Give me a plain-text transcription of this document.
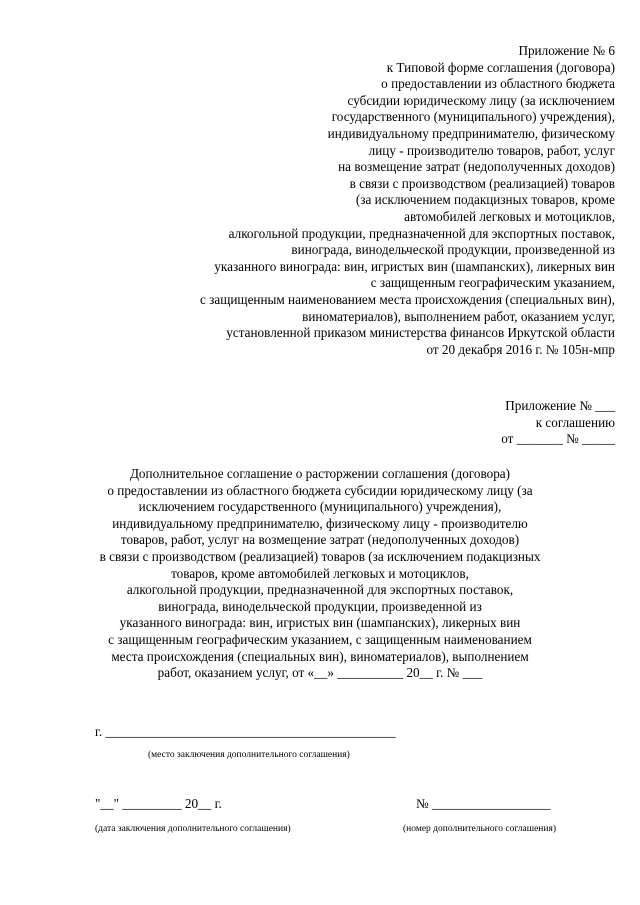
Приложение № 6
к Типовой форме соглашения (договора)
о предоставлении из областного бюджета
субсидии юридическому лицу (за исключением
государственного (муниципального) учреждения),
индивидуальному предпринимателю, физическому
лицу - производителю товаров, работ, услуг
на возмещение затрат (недополученных доходов)
в связи с производством (реализацией) товаров
(за исключением подакцизных товаров, кроме
автомобилей легковых и мотоциклов,
алкогольной продукции, предназначенной для экспортных поставок,
винограда, винодельческой продукции, произведенной из
указанного винограда: вин, игристых вин (шампанских), ликерных вин
с защищенным географическим указанием,
с защищенным наименованием места происхождения (специальных вин),
виноматериалов), выполнением работ, оказанием услуг,
установленной приказом министерства финансов Иркутской области
от 20 декабря 2016 г. № 105н-мпр
Приложение № ___
к соглашению
от _______ № _____
Дополнительное соглашение о расторжении соглашения (договора)
о предоставлении из областного бюджета субсидии юридическому лицу (за
исключением государственного (муниципального) учреждения),
индивидуальному предпринимателю, физическому лицу - производителю
товаров, работ, услуг на возмещение затрат (недополученных доходов)
в связи с производством (реализацией) товаров (за исключением подакцизных
товаров, кроме автомобилей легковых и мотоциклов,
алкогольной продукции, предназначенной для экспортных поставок,
винограда, винодельческой продукции, произведенной из
указанного винограда: вин, игристых вин (шампанских), ликерных вин
с защищенным географическим указанием, с защищенным наименованием
места происхождения (специальных вин), виноматериалов), выполнением
работ, оказанием услуг, от «__» __________ 20__ г. № ___
г. ____________________________________________
(место заключения дополнительного соглашения)
"__" _________ 20__ г.
(дата заключения дополнительного соглашения)
№ __________________
(номер дополнительного соглашения)
